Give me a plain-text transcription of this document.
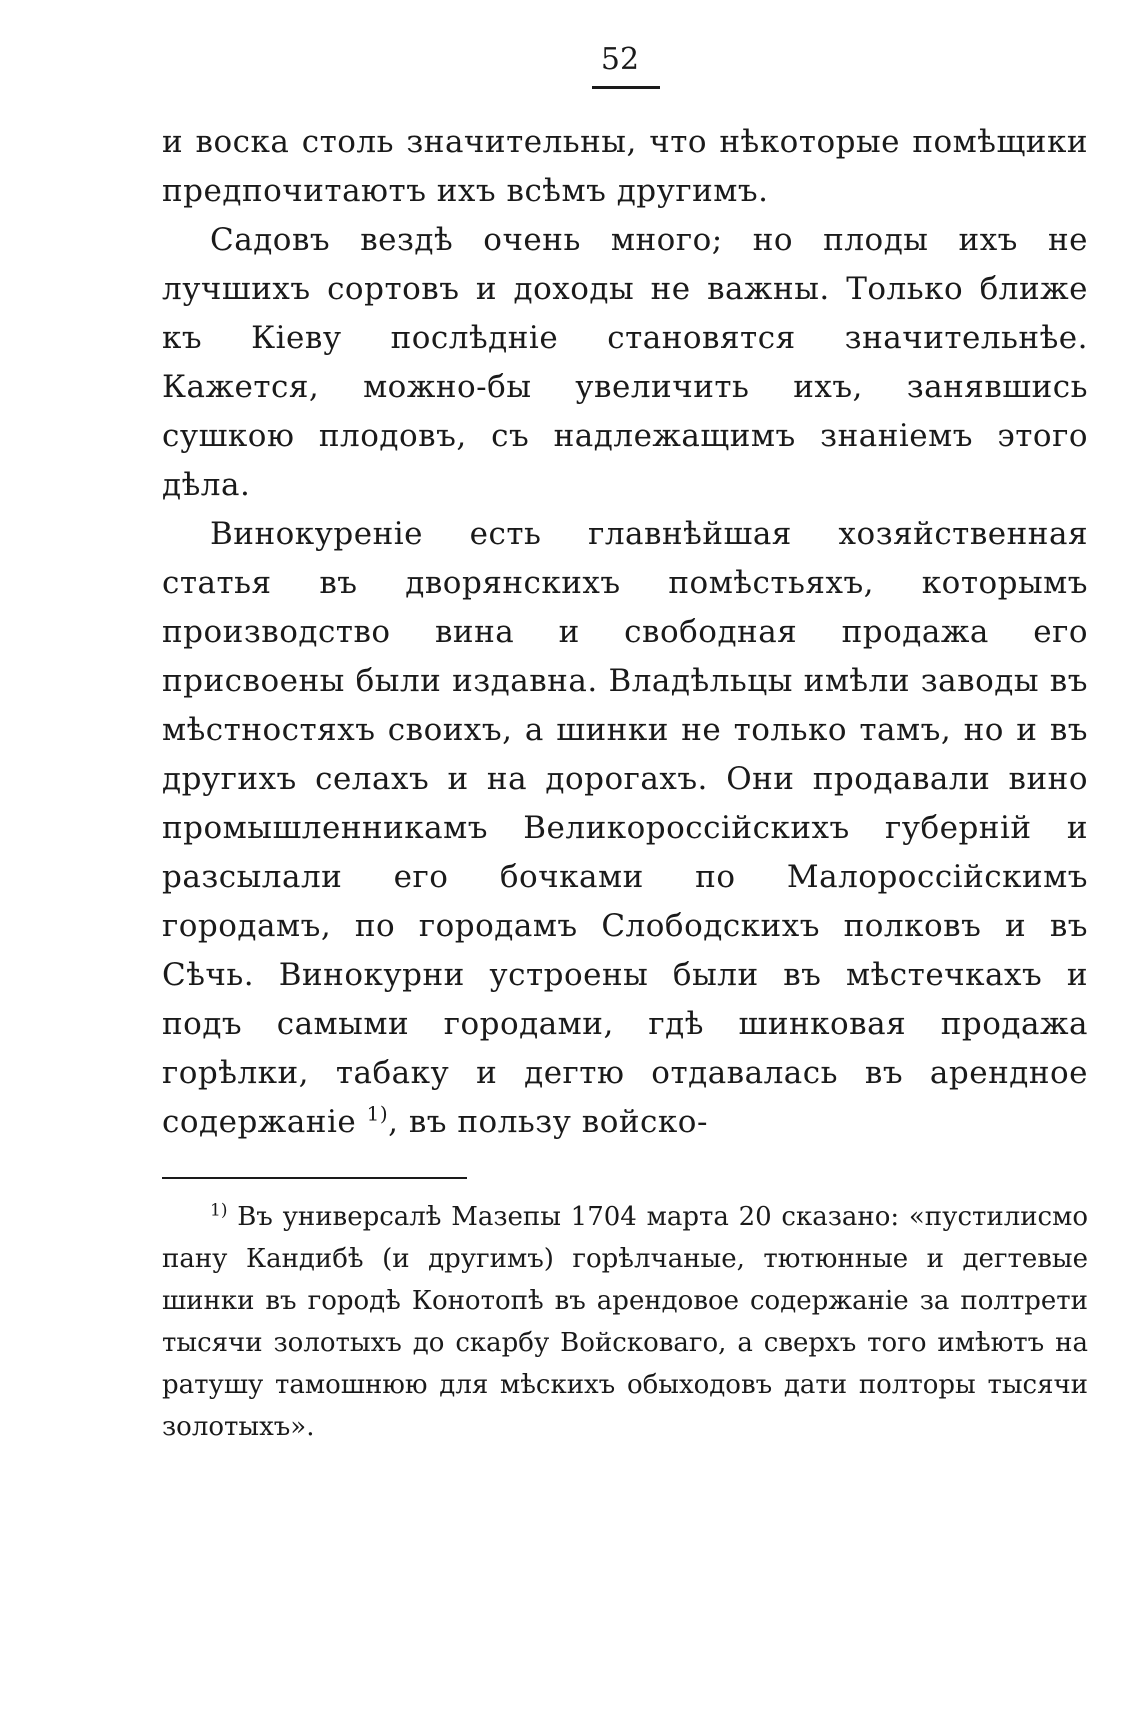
52

и воска столь значительны, что нѣкоторые помѣщики предпочитаютъ ихъ всѣмъ другимъ.

Садовъ вездѣ очень много; но плоды ихъ не лучшихъ сортовъ и доходы не важны. Только ближе къ Кіеву послѣдніе становятся значительнѣе. Кажется, можно-бы увеличить ихъ, занявшись сушкою плодовъ, съ надлежащимъ знаніемъ этого дѣла.

Винокуреніе есть главнѣйшая хозяйственная статья въ дворянскихъ помѣстьяхъ, которымъ производство вина и свободная продажа его присвоены были издавна. Владѣльцы имѣли заводы въ мѣстностяхъ своихъ, а шинки не только тамъ, но и въ другихъ селахъ и на дорогахъ. Они продавали вино промышленникамъ Великороссійскихъ губерній и разсылали его бочками по Малороссійскимъ городамъ, по городамъ Слободскихъ полковъ и въ Сѣчь. Винокурни устроены были въ мѣстечкахъ и подъ самыми городами, гдѣ шинковая продажа горѣлки, табаку и дегтю отдавалась въ арендное содержаніе $^{1)}$, въ пользу войско-

$^{1)}$ Въ универсалѣ Мазепы 1704 марта 20 сказано: «пустилисмо пану Кандибѣ (и другимъ) горѣлчаные, тютюнные и дегтевые шинки въ городѣ Конотопѣ въ арендовое содержаніе за полтрети тысячи золотыхъ до скарбу Войсковаго, а сверхъ того имѣютъ на ратушу тамошнюю для мѣскихъ обыходовъ дати полторы тысячи золотыхъ».
